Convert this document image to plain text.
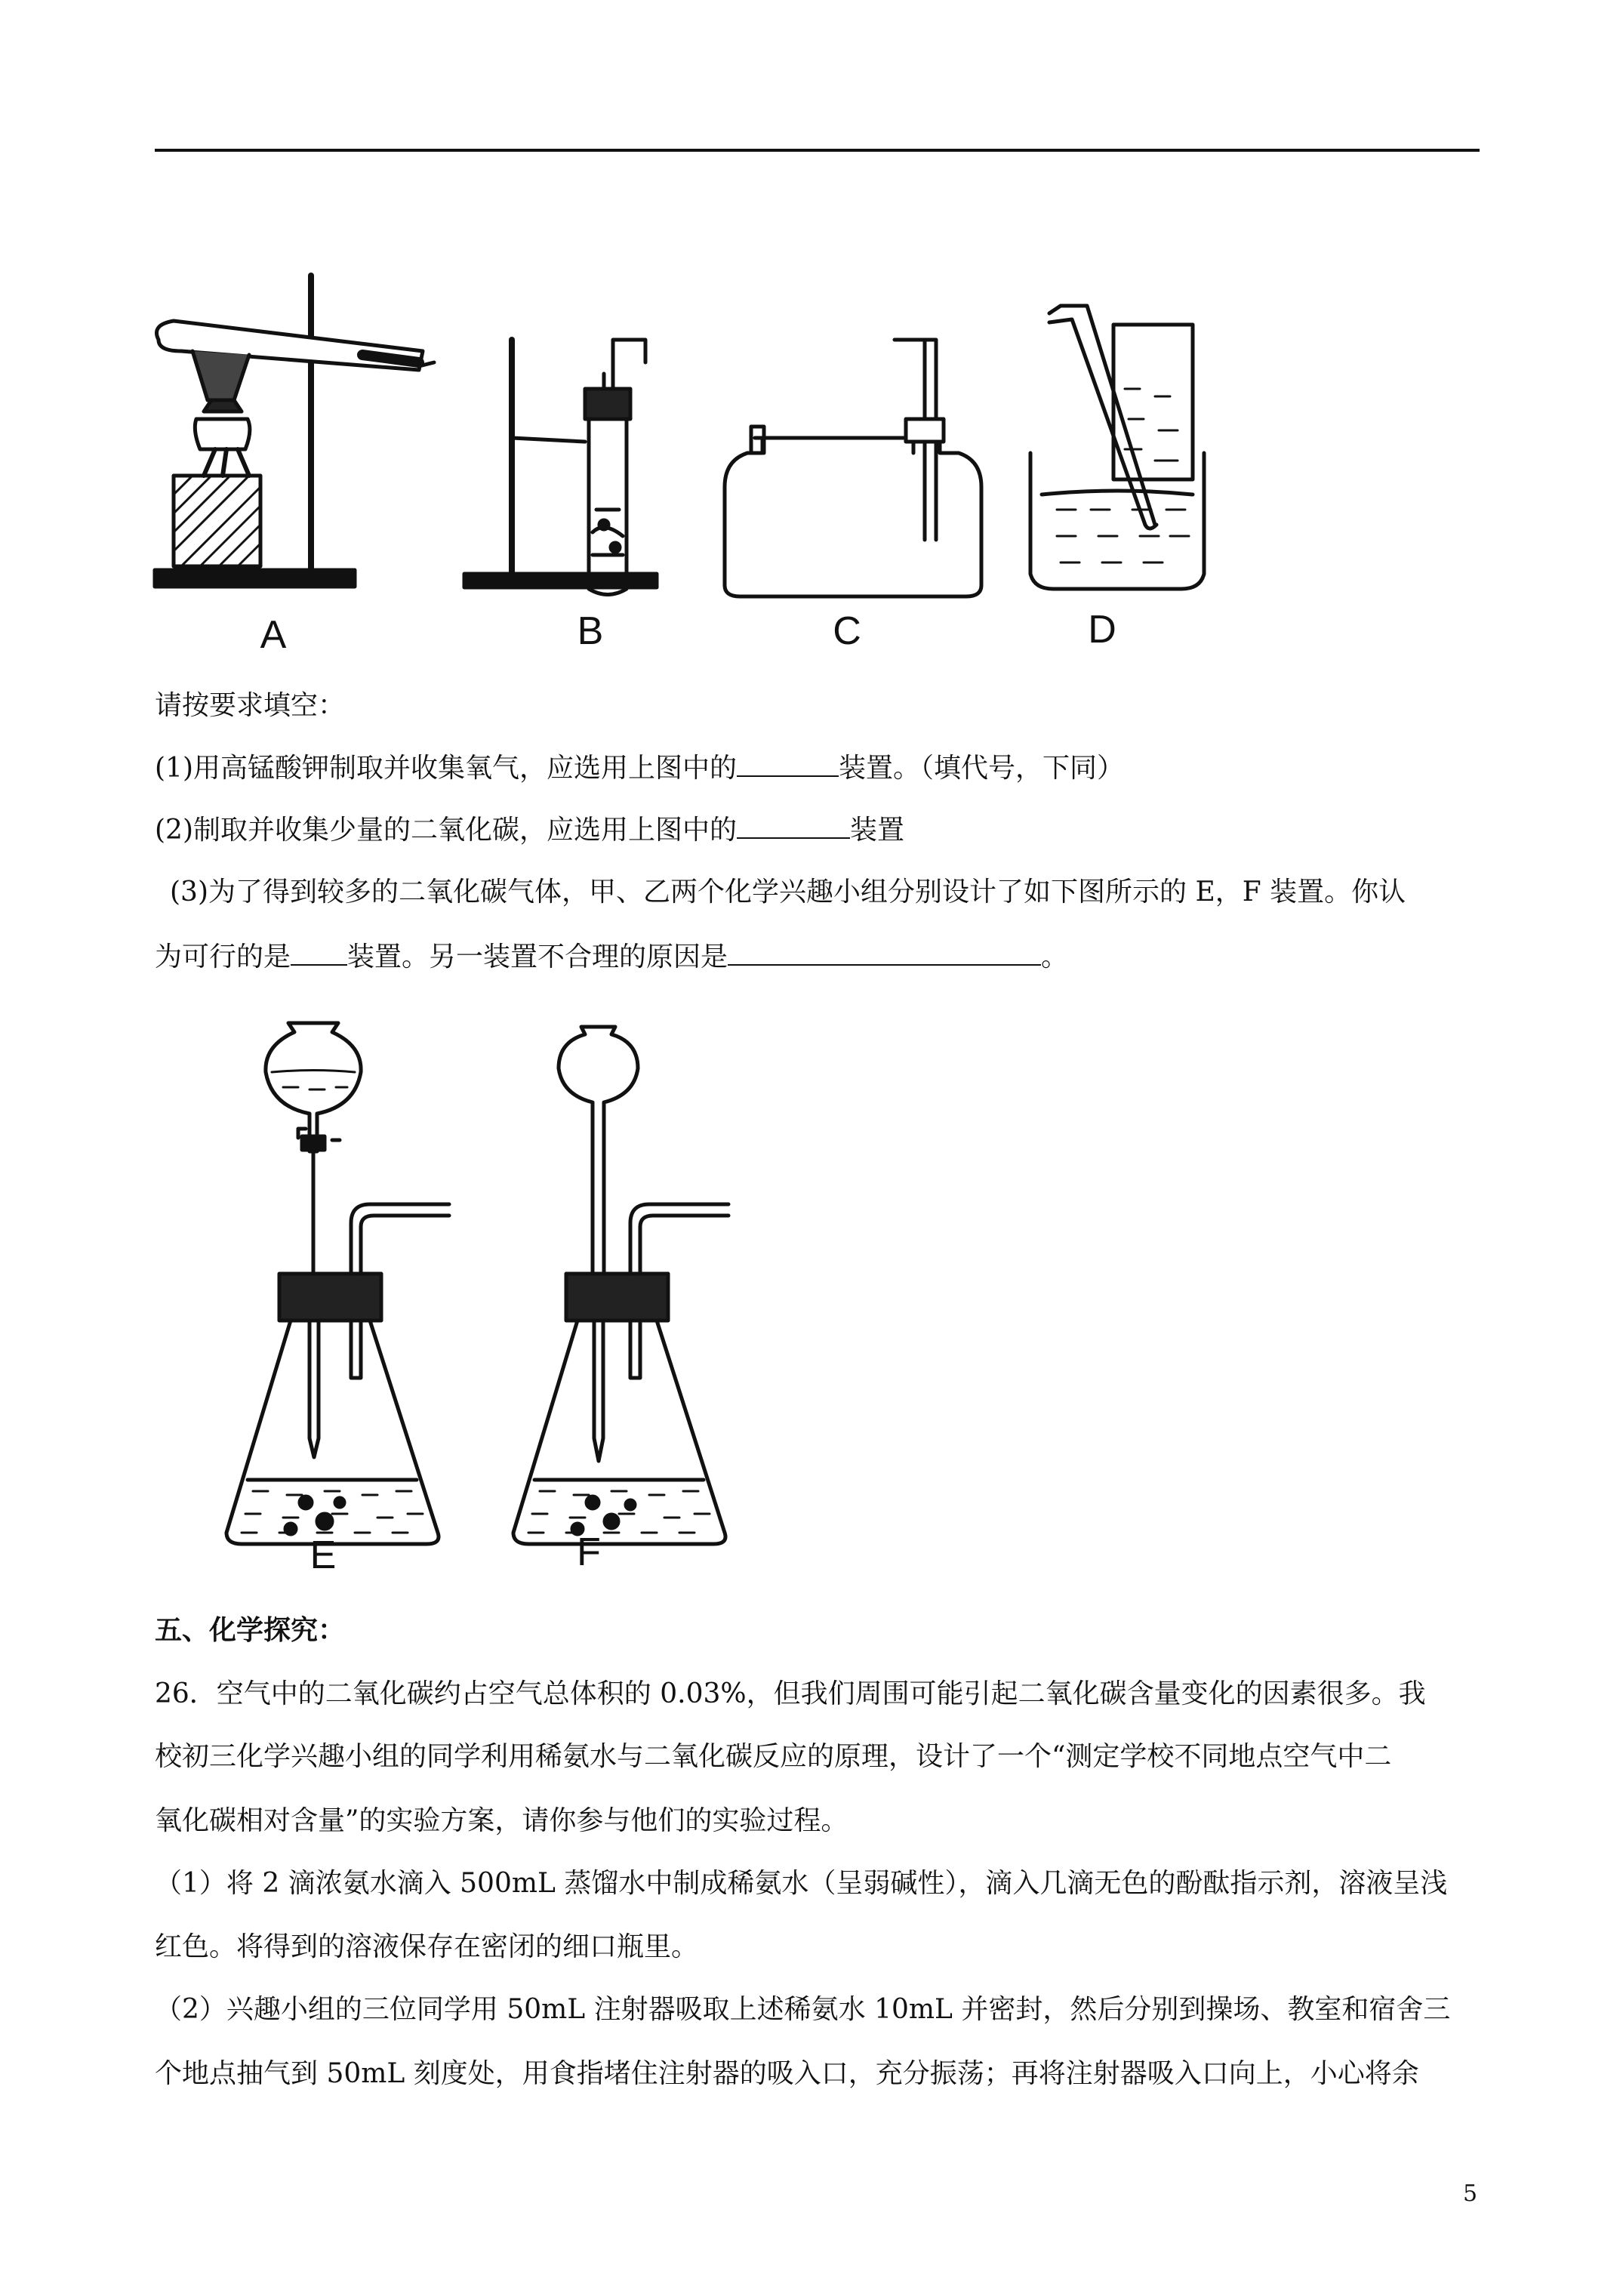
A	B	C	D
请按要求填空：
(1)用高锰酸钾制取并收集氧气，应选用上图中的	装置。（填代号，下同）
(2)制取并收集少量的二氧化碳，应选用上图中的	装置
(3)为了得到较多的二氧化碳气体，甲、乙两个化学兴趣小组分别设计了如下图所示的 E，F 装置。你认
为可行的是 装置。另一装置不合理的原因是	。
E	F
五、化学探究：
26．空气中的二氧化碳约占空气总体积的 0.03%，但我们周围可能引起二氧化碳含量变化的因素很多。我
校初三化学兴趣小组的同学利用稀氨水与二氧化碳反应的原理，设计了一个“测定学校不同地点空气中二
氧化碳相对含量”的实验方案，请你参与他们的实验过程。
（1）将 2 滴浓氨水滴入 500mL 蒸馏水中制成稀氨水（呈弱碱性），滴入几滴无色的酚酞指示剂，溶液呈浅
红色。将得到的溶液保存在密闭的细口瓶里。
（2）兴趣小组的三位同学用 50mL 注射器吸取上述稀氨水 10mL 并密封，然后分别到操场、教室和宿舍三
个地点抽气到 50mL 刻度处，用食指堵住注射器的吸入口，充分振荡；再将注射器吸入口向上，小心将余
5
